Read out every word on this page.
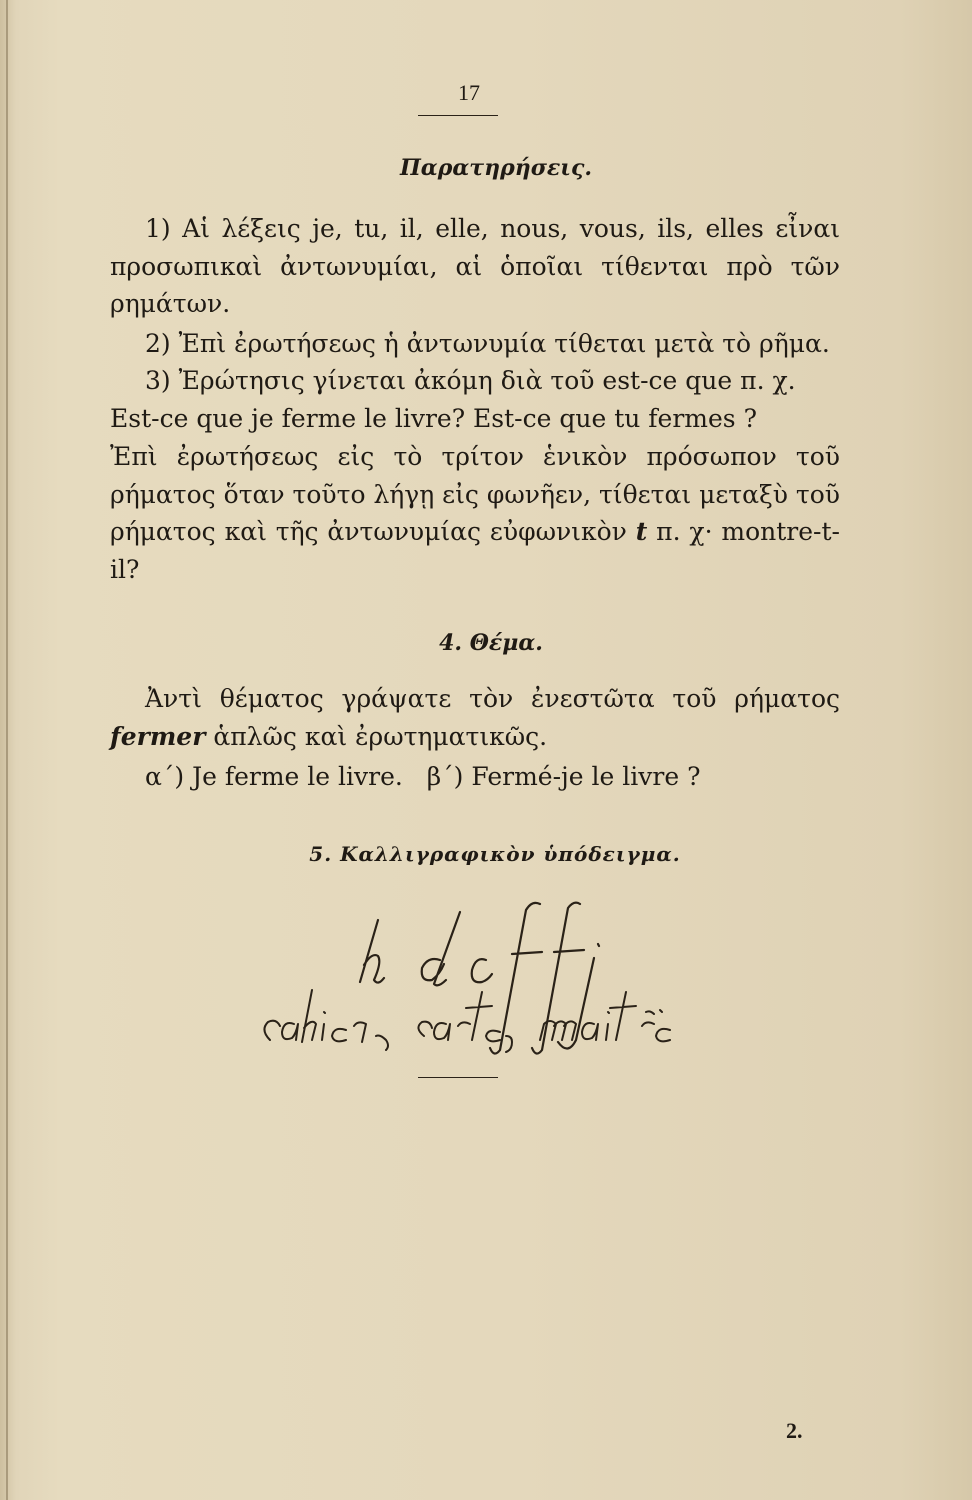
17
Παρατηρήσεις.
1) Αἱ λέξεις je, tu, il, elle, nous, vous, ils, elles εἶναι προσωπικαὶ ἀντωνυμίαι, αἱ ὁποῖαι τίθενται πρὸ τῶν ρημάτων.
2) Ἐπὶ ἐρωτήσεως ἡ ἀντωνυμία τίθεται μετὰ τὸ ρῆμα.
3) Ἐρώτησις γίνεται ἀκόμη διὰ τοῦ est-ce que π. χ.
Est-ce que je ferme le livre? Est-ce que tu fermes ?
Ἐπὶ ἐρωτήσεως εἰς τὸ τρίτον ἑνικὸν πρόσωπον τοῦ ρήματος ὅταν τοῦτο λήγῃ εἰς φωνῆεν, τίθεται μεταξὺ τοῦ ρήματος καὶ τῆς ἀντωνυμίας εὐφωνικὸν t π. χ· montre-t-il?
4. Θέμα.
Ἀντὶ θέματος γράψατε τὸν ἐνεστῶτα τοῦ ρήματος fermer ἁπλῶς καὶ ἐρωτηματικῶς.
α΄) Je ferme le livre. β΄) Fermé-je le livre ?
5. Καλλιγραφικὸν ὑπόδειγμα.
2.
